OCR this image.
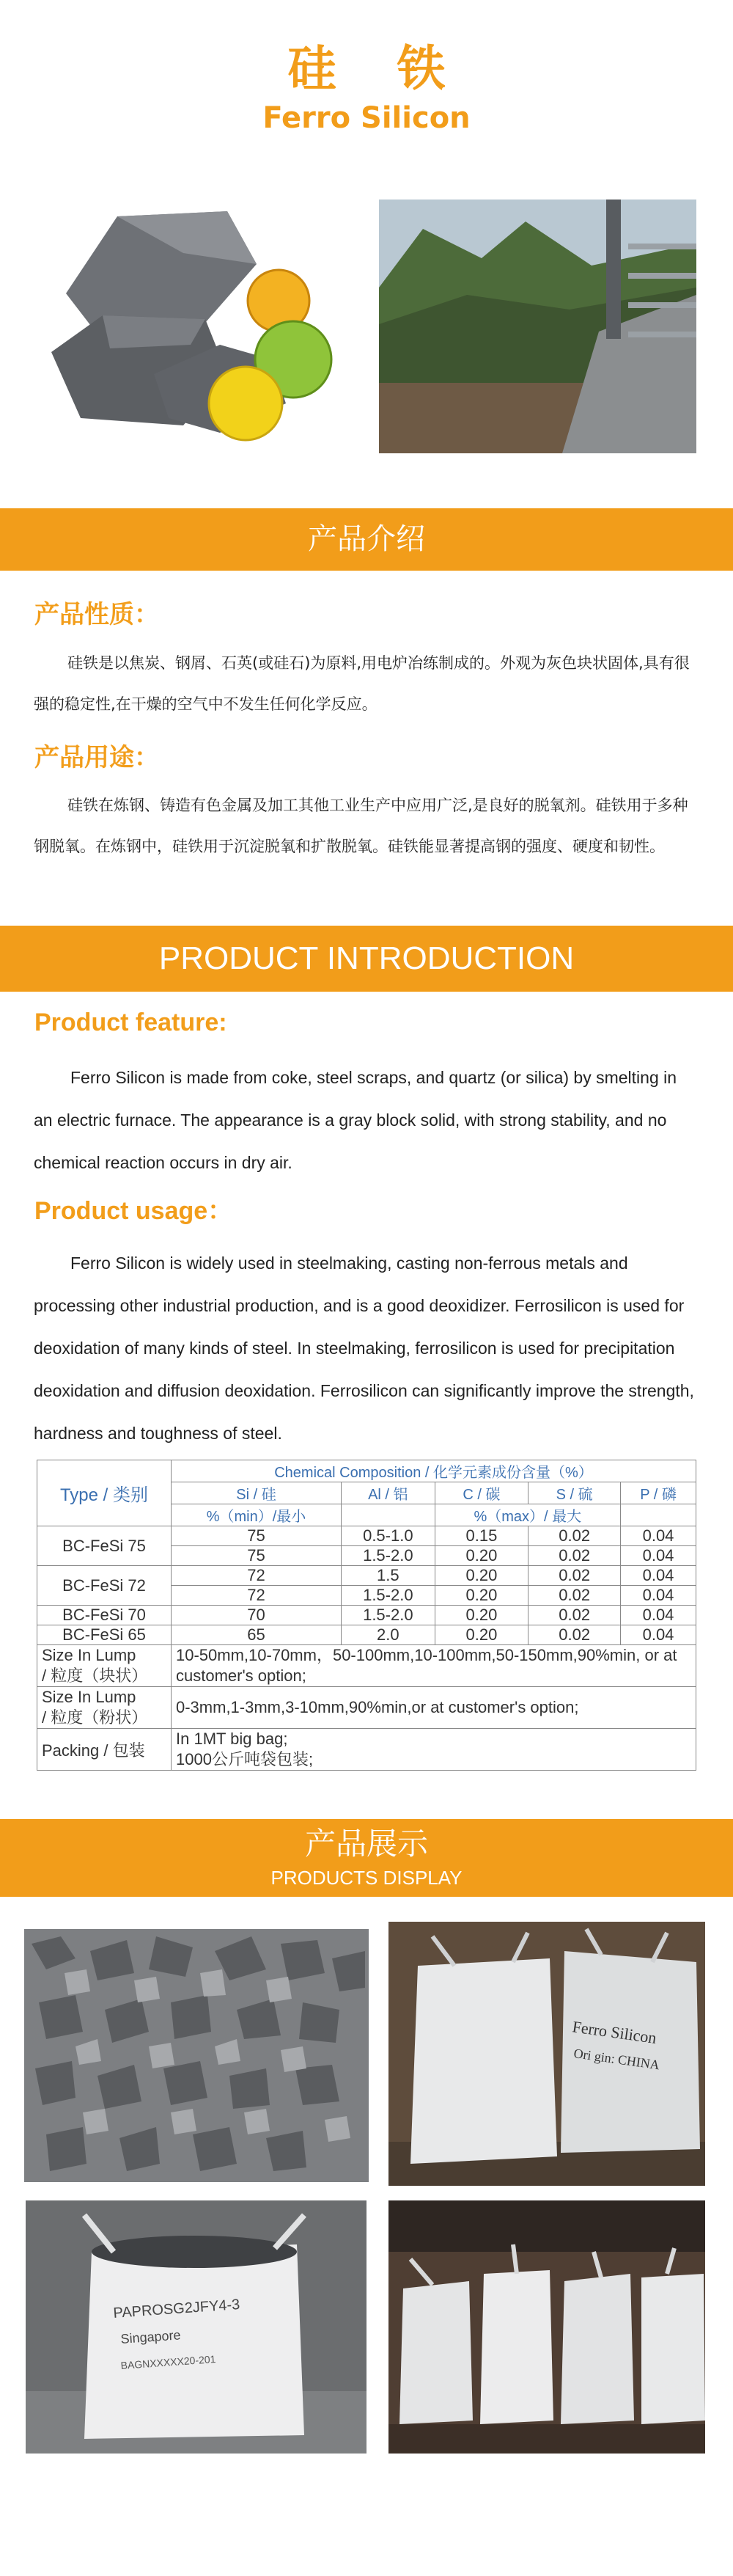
硅 铁
Ferro Silicon
产品介绍
产品性质：
硅铁是以焦炭、钢屑、石英(或硅石)为原料,用电炉冶练制成的。外观为灰色块状固体,具有很强的稳定性,在干燥的空气中不发生任何化学反应。
产品用途：
硅铁在炼钢、铸造有色金属及加工其他工业生产中应用广泛,是良好的脱氧剂。硅铁用于多种钢脱氧。在炼钢中，硅铁用于沉淀脱氧和扩散脱氧。硅铁能显著提高钢的强度、硬度和韧性。
PRODUCT INTRODUCTION
Product feature:
Ferro Silicon is made from coke, steel scraps, and quartz (or silica) by smelting in an electric furnace. The appearance is a gray block solid, with strong stability, and no chemical reaction occurs in dry air.
Product usage：
Ferro Silicon is widely used in steelmaking, casting non-ferrous metals and processing other industrial production, and is a good deoxidizer. Ferrosilicon is used for deoxidation of many kinds of steel. In steelmaking, ferrosilicon is used for precipitation deoxidation and diffusion deoxidation. Ferrosilicon can significantly improve the strength, hardness and toughness of steel.
Type / 类别	Chemical Composition / 化学元素成份含量（%）				
	Si / 硅	Al / 铝	C / 碳	S / 硫	P / 磷
	%（min）/最小		%（max）/ 最大		
BC-FeSi 75	75	0.5-1.0	0.15	0.02	0.04
	75	1.5-2.0	0.20	0.02	0.04
BC-FeSi 72	72	1.5	0.20	0.02	0.04
	72	1.5-2.0	0.20	0.02	0.04
BC-FeSi 70	70	1.5-2.0	0.20	0.02	0.04
BC-FeSi 65	65	2.0	0.20	0.02	0.04

Size In Lump
/ 粒度（块状）	10-50mm,10-70mm，50-100mm,10-100mm,50-150mm,90%min, or at customer's option;				

Size In Lump
/ 粒度（粉状）	0-3mm,1-3mm,3-10mm,90%min,or at customer's option;				
Packing / 包装	In 1MT big bag;
1000公斤吨袋包装;				
产品展示
PRODUCTS DISPLAY
Ferro Silicon
Ori gin: CHINA
PAPROSG2JFY4-3
Singapore
BAGNXXXXX20-201
